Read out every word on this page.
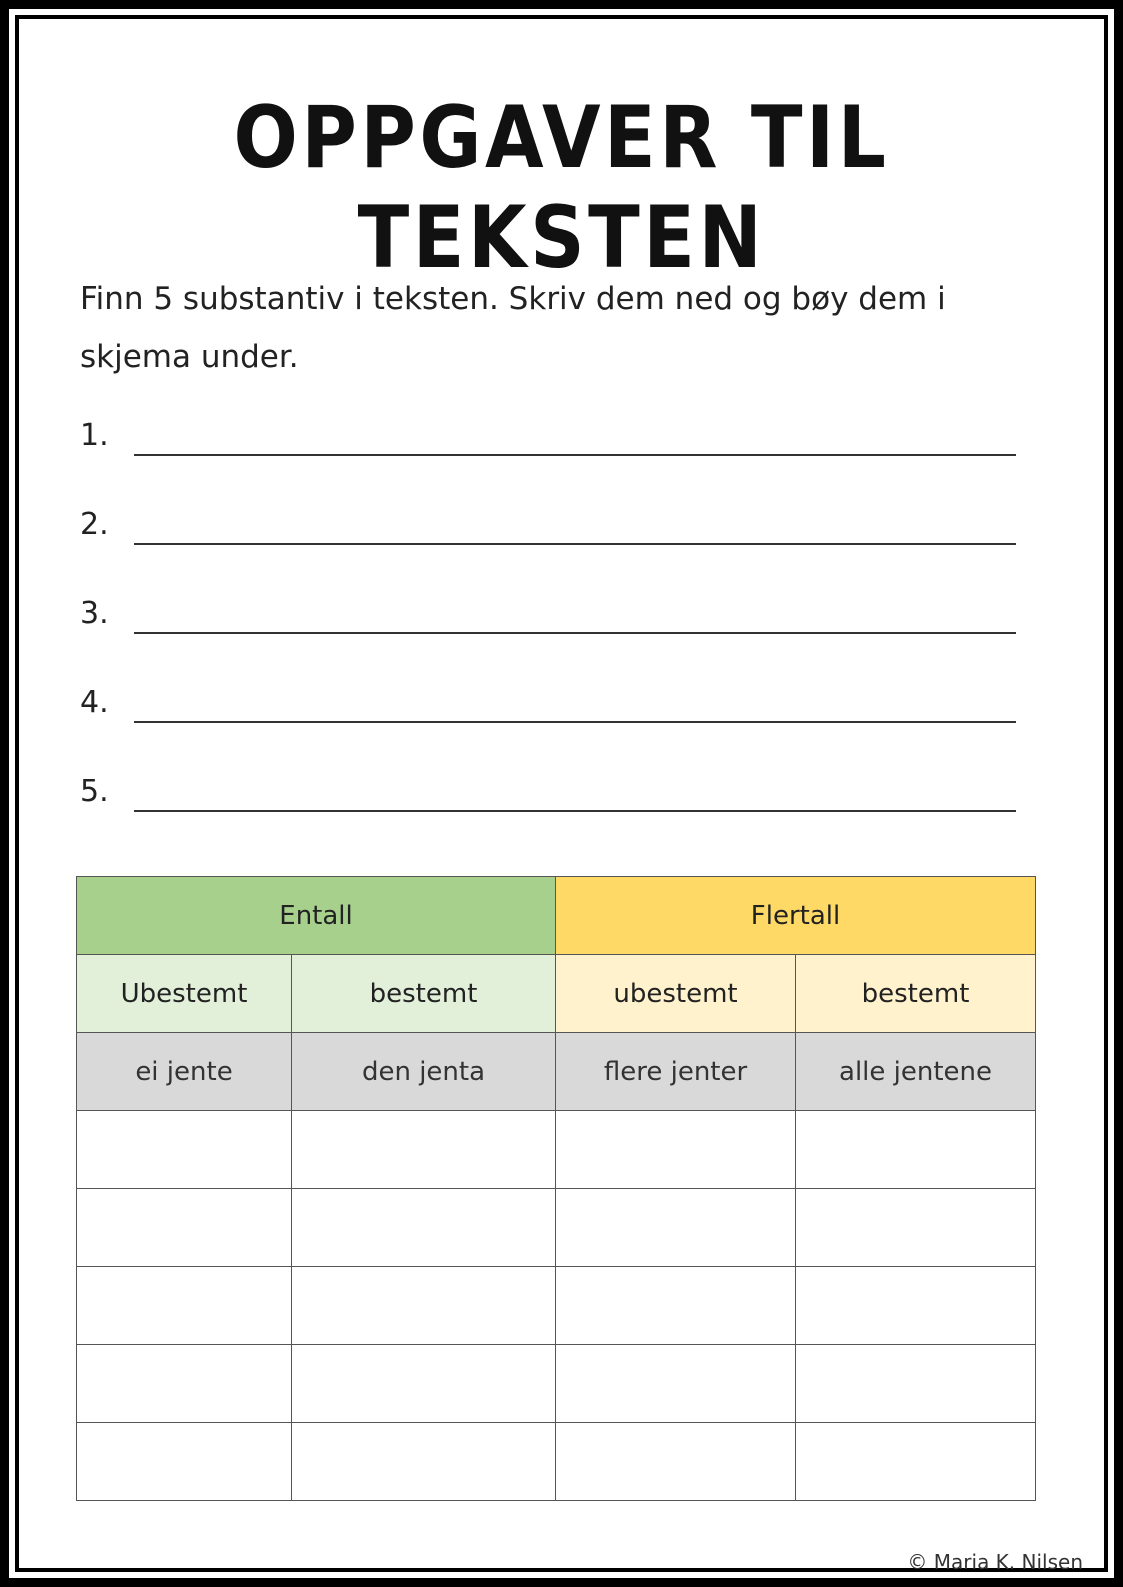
OPPGAVER TIL TEKSTEN
Finn 5 substantiv i teksten. Skriv dem ned og bøy dem i skjema under.
1.
2.
3.
4.
5.
Entall		Flertall	
Ubestemt	bestemt	ubestemt	bestemt
ei jente	den jenta	flere jenter	alle jentene

© Maria K. Nilsen
